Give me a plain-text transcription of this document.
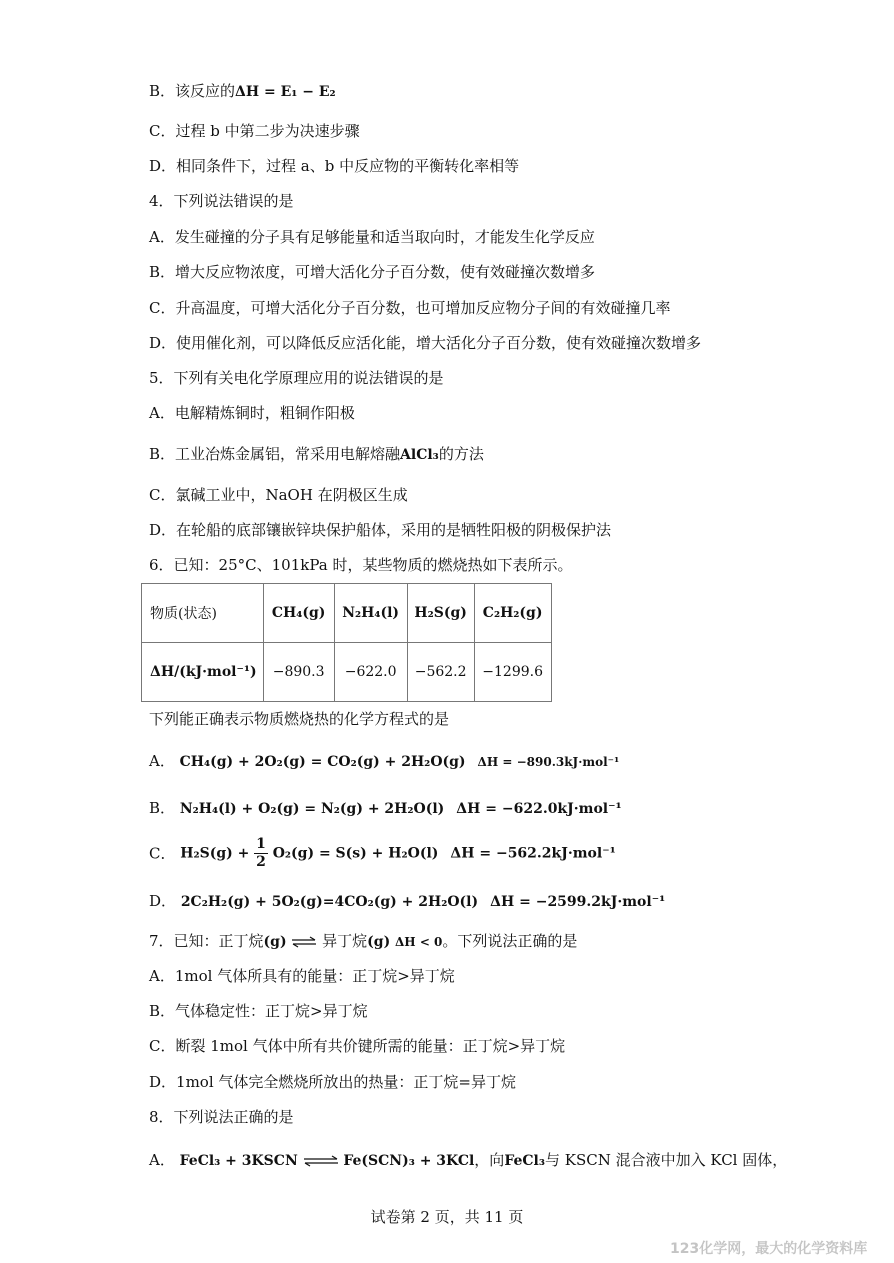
B．该反应的ΔH = E₁ − E₂
C．过程 b 中第二步为决速步骤
D．相同条件下，过程 a、b 中反应物的平衡转化率相等
4．下列说法错误的是
A．发生碰撞的分子具有足够能量和适当取向时，才能发生化学反应
B．增大反应物浓度，可增大活化分子百分数，使有效碰撞次数增多
C．升高温度，可增大活化分子百分数，也可增加反应物分子间的有效碰撞几率
D．使用催化剂，可以降低反应活化能，增大活化分子百分数，使有效碰撞次数增多
5．下列有关电化学原理应用的说法错误的是
A．电解精炼铜时，粗铜作阳极
B．工业冶炼金属铝，常采用电解熔融AlCl₃的方法
C．氯碱工业中，NaOH 在阴极区生成
D．在轮船的底部镶嵌锌块保护船体，采用的是牺牲阳极的阴极保护法
6．已知：25°C、101kPa 时，某些物质的燃烧热如下表所示。
物质(状态)	CH₄(g)	N₂H₄(l)	H₂S(g)	C₂H₂(g)
ΔH/(kJ·mol⁻¹)	−890.3	−622.0	−562.2	−1299.6
下列能正确表示物质燃烧热的化学方程式的是
A． CH₄(g) + 2O₂(g) = CO₂(g) + 2H₂O(g) ΔH = −890.3kJ·mol⁻¹
B． N₂H₄(l) + O₂(g) = N₂(g) + 2H₂O(l) ΔH = −622.0kJ·mol⁻¹
C． $H_2S(g) + \frac{1}{2} O_2(g) = S(s) + H_2O(l) \Delta H = -562.2kJ\cdot mol^{-1}$
D． 2C₂H₂(g) + 5O₂(g)=4CO₂(g) + 2H₂O(l) ΔH = −2599.2kJ·mol⁻¹
7．已知：正丁烷(g) ⇌ 异丁烷(g) ΔH < 0。下列说法正确的是
A．1mol 气体所具有的能量：正丁烷>异丁烷
B．气体稳定性：正丁烷>异丁烷
C．断裂 1mol 气体中所有共价键所需的能量：正丁烷>异丁烷
D．1mol 气体完全燃烧所放出的热量：正丁烷=异丁烷
8．下列说法正确的是
A． FeCl₃ + 3KSCN ⇌ Fe(SCN)₃ + 3KCl，向FeCl₃与 KSCN 混合液中加入 KCl 固体，
试卷第 2 页，共 11 页
123化学网，最大的化学资料库
